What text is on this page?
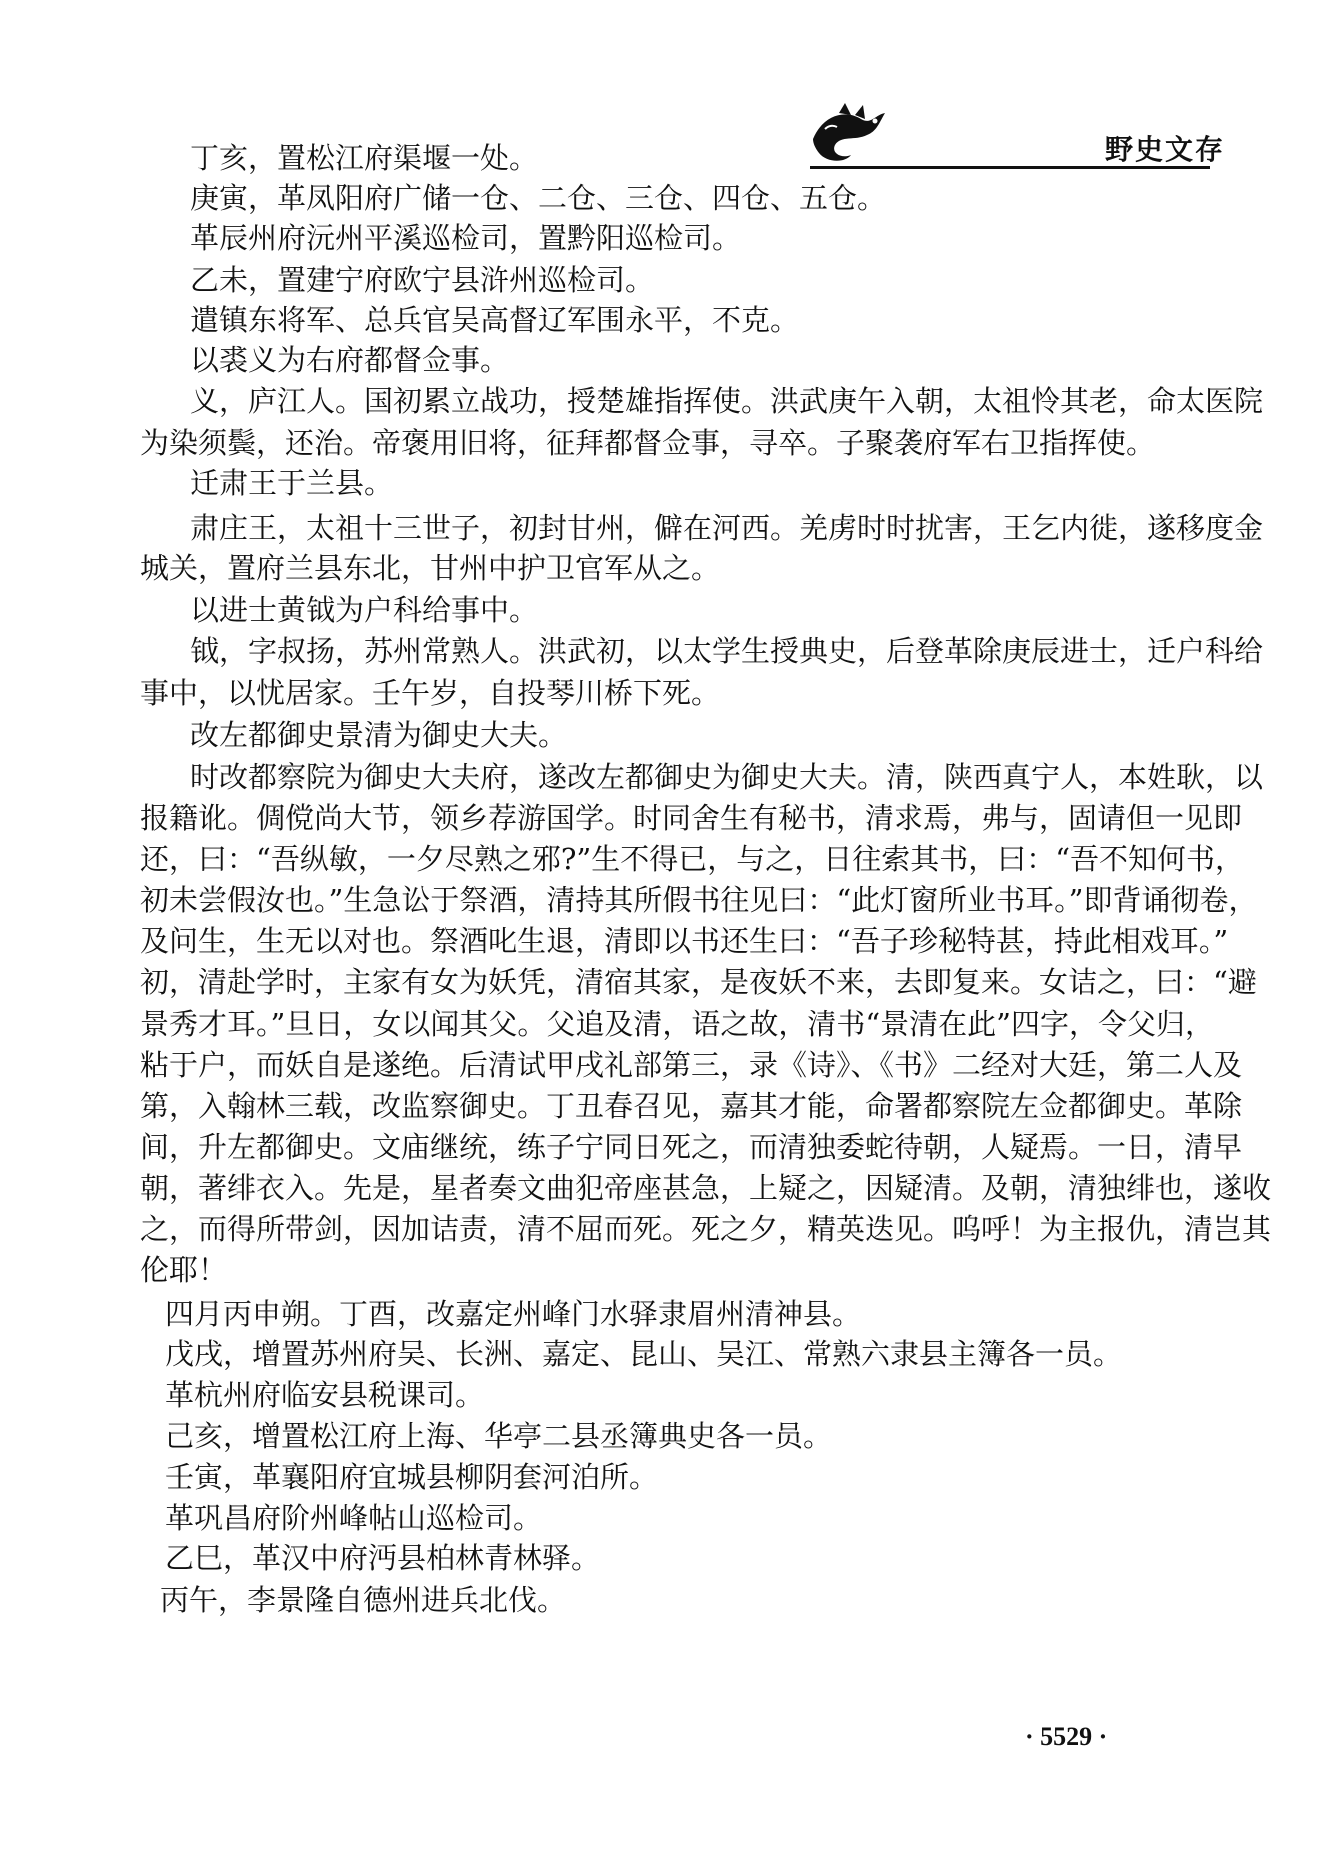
野史文存
丁亥，置松江府渠堰一处。
庚寅，革凤阳府广储一仓、二仓、三仓、四仓、五仓。
革辰州府沅州平溪巡检司，置黔阳巡检司。
乙未，置建宁府欧宁县浒州巡检司。
遣镇东将军、总兵官吴高督辽军围永平，不克。
以裘义为右府都督佥事。
义，庐江人。国初累立战功，授楚雄指挥使。洪武庚午入朝，太祖怜其老，命太医院
为染须鬓，还治。帝褒用旧将，征拜都督佥事，寻卒。子聚袭府军右卫指挥使。
迁肃王于兰县。
肃庄王，太祖十三世子，初封甘州，僻在河西。羌虏时时扰害，王乞内徙，遂移度金
城关，置府兰县东北，甘州中护卫官军从之。
以进士黄钺为户科给事中。
钺，字叔扬，苏州常熟人。洪武初，以太学生授典史，后登革除庚辰进士，迁户科给
事中，以忧居家。壬午岁，自投琴川桥下死。
改左都御史景清为御史大夫。
时改都察院为御史大夫府，遂改左都御史为御史大夫。清，陕西真宁人，本姓耿，以
报籍讹。倜傥尚大节，领乡荐游国学。时同舍生有秘书，清求焉，弗与，固请但一见即
还，曰：“吾纵敏，一夕尽熟之邪?”生不得已，与之，日往索其书，曰：“吾不知何书，
初未尝假汝也。”生急讼于祭酒，清持其所假书往见曰：“此灯窗所业书耳。”即背诵彻卷，
及问生，生无以对也。祭酒叱生退，清即以书还生曰：“吾子珍秘特甚，持此相戏耳。”
初，清赴学时，主家有女为妖凭，清宿其家，是夜妖不来，去即复来。女诘之，曰：“避
景秀才耳。”旦日，女以闻其父。父追及清，语之故，清书“景清在此”四字，令父归，
粘于户，而妖自是遂绝。后清试甲戌礼部第三，录《诗》、《书》二经对大廷，第二人及
第，入翰林三载，改监察御史。丁丑春召见，嘉其才能，命署都察院左佥都御史。革除
间，升左都御史。文庙继统，练子宁同日死之，而清独委蛇待朝，人疑焉。一日，清早
朝，著绯衣入。先是，星者奏文曲犯帝座甚急，上疑之，因疑清。及朝，清独绯也，遂收
之，而得所带剑，因加诘责，清不屈而死。死之夕，精英迭见。呜呼！为主报仇，清岂其
伦耶！
四月丙申朔。丁酉，改嘉定州峰门水驿隶眉州清神县。
戊戌，增置苏州府吴、长洲、嘉定、昆山、吴江、常熟六隶县主簿各一员。
革杭州府临安县税课司。
己亥，增置松江府上海、华亭二县丞簿典史各一员。
壬寅，革襄阳府宜城县柳阴套河泊所。
革巩昌府阶州峰帖山巡检司。
乙巳，革汉中府沔县柏林青林驿。
丙午，李景隆自德州进兵北伐。
· 5529 ·
